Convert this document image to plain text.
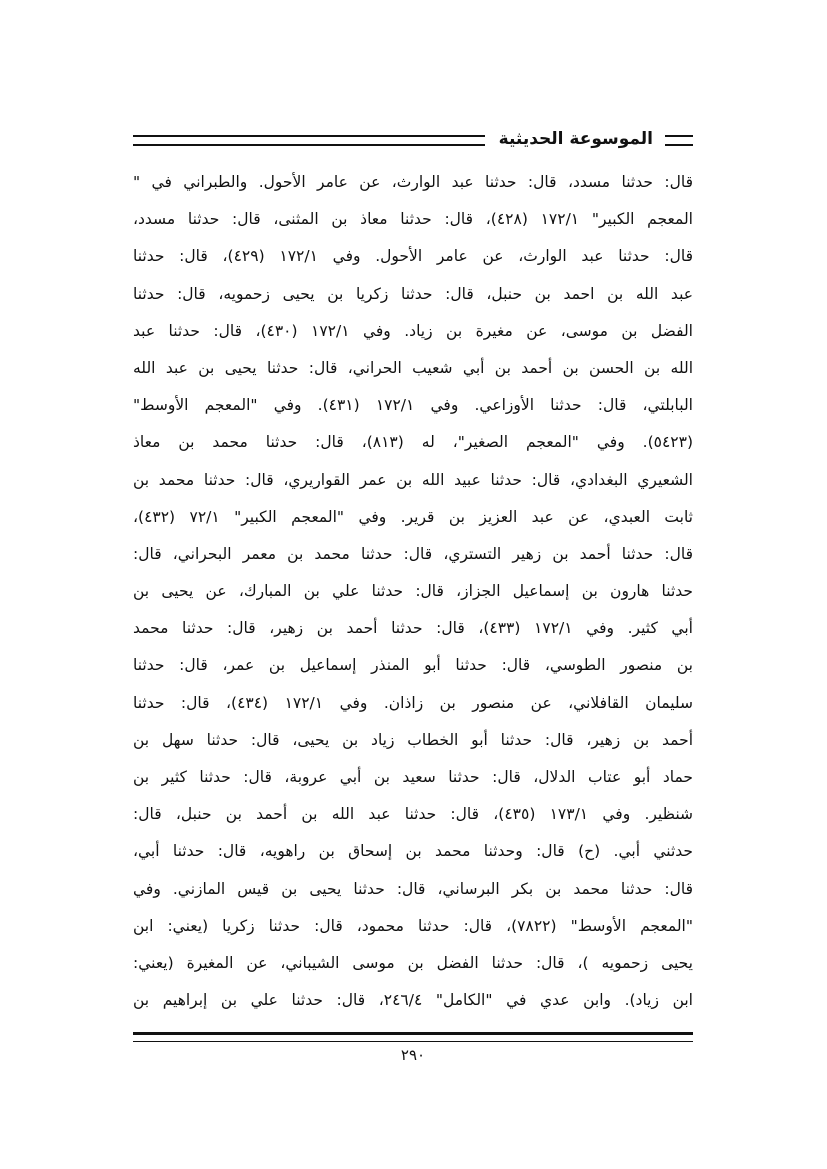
الموسوعة الحديثية
قال: حدثنا مسدد، قال: حدثنا عبد الوارث، عن عامر الأحول. والطبراني في "
المعجم الكبير" ١٧٢/١ (٤٢٨)، قال: حدثنا معاذ بن المثنى، قال: حدثنا مسدد،
قال: حدثنا عبد الوارث، عن عامر الأحول. وفي ١٧٢/١ (٤٢٩)، قال: حدثنا
عبد الله بن احمد بن حنبل، قال: حدثنا زكريا بن يحيى زحمويه، قال: حدثنا
الفضل بن موسى، عن مغيرة بن زياد. وفي ١٧٢/١ (٤٣٠)، قال: حدثنا عبد
الله بن الحسن بن أحمد بن أبي شعيب الحراني، قال: حدثنا يحيى بن عبد الله
البابلتي، قال: حدثنا الأوزاعي. وفي ١٧٢/١ (٤٣١). وفي "المعجم الأوسط"
(٥٤٢٣). وفي "المعجم الصغير"، له (٨١٣)، قال: حدثنا محمد بن معاذ
الشعيري البغدادي، قال: حدثنا عبيد الله بن عمر القواريري، قال: حدثنا محمد بن
ثابت العبدي، عن عبد العزيز بن قرير. وفي "المعجم الكبير" ٧٢/١ (٤٣٢)،
قال: حدثنا أحمد بن زهير التستري، قال: حدثنا محمد بن معمر البحراني، قال:
حدثنا هارون بن إسماعيل الجزاز، قال: حدثنا علي بن المبارك، عن يحيى بن
أبي كثير. وفي ١٧٢/١ (٤٣٣)، قال: حدثنا أحمد بن زهير، قال: حدثنا محمد
بن منصور الطوسي، قال: حدثنا أبو المنذر إسماعيل بن عمر، قال: حدثنا
سليمان القافلاني، عن منصور بن زاذان. وفي ١٧٢/١ (٤٣٤)، قال: حدثنا
أحمد بن زهير، قال: حدثنا أبو الخطاب زياد بن يحيى، قال: حدثنا سهل بن
حماد أبو عتاب الدلال، قال: حدثنا سعيد بن أبي عروبة، قال: حدثنا كثير بن
شنظير. وفي ١٧٣/١ (٤٣٥)، قال: حدثنا عبد الله بن أحمد بن حنبل، قال:
حدثني أبي. (ح) قال: وحدثنا محمد بن إسحاق بن راهويه، قال: حدثنا أبي،
قال: حدثنا محمد بن بكر البرساني، قال: حدثنا يحيى بن قيس المازني. وفي
"المعجم الأوسط" (٧٨٢٢)، قال: حدثنا محمود، قال: حدثنا زكريا (يعني: ابن
يحيى زحمويه )، قال: حدثنا الفضل بن موسى الشيباني، عن المغيرة (يعني:
ابن زياد). وابن عدي في "الكامل" ٢٤٦/٤، قال: حدثنا علي بن إبراهيم بن
٢٩٠
